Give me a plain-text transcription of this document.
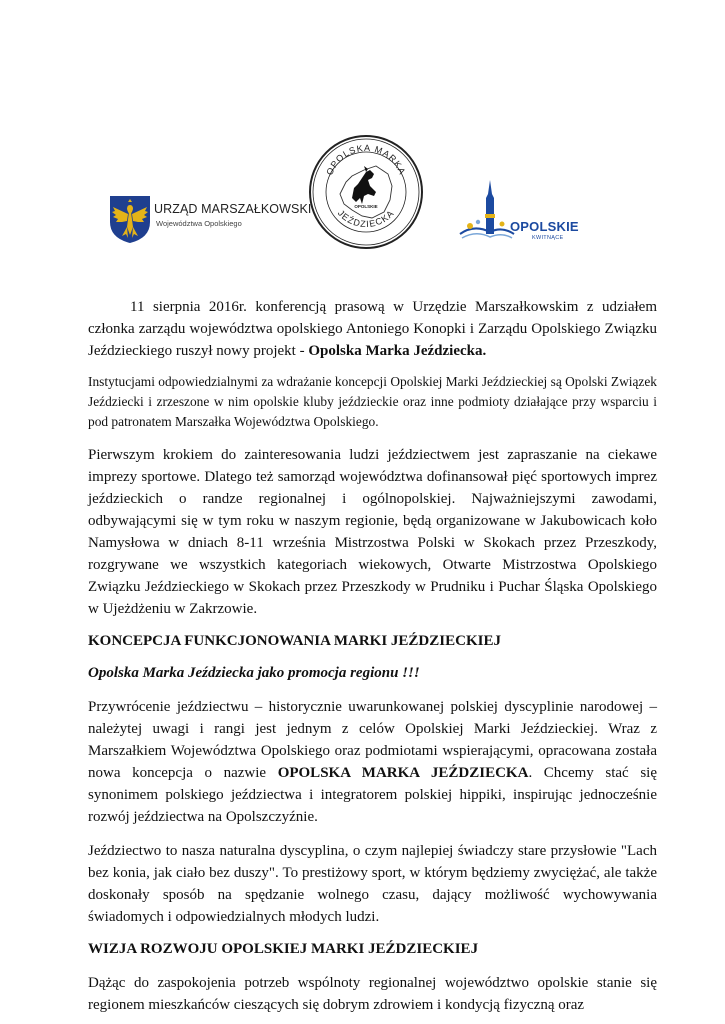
URZĄD MARSZAŁKOWSKI
Województwa Opolskiego
OPOLSKIE
OPOLSKA MARKA
JEŹDZIECKA
OPOLSKIE
KWITNĄCE

11 sierpnia 2016r. konferencją prasową w Urzędzie Marszałkowskim z udziałem członka zarządu województwa opolskiego Antoniego Konopki i Zarządu Opolskiego Związku Jeździeckiego ruszył nowy projekt - Opolska Marka Jeździecka.

Instytucjami odpowiedzialnymi za wdrażanie koncepcji Opolskiej Marki Jeździeckiej są Opolski Związek Jeździecki i zrzeszone w nim opolskie kluby jeździeckie oraz inne podmioty działające przy wsparciu i pod patronatem Marszałka Województwa Opolskiego.

Pierwszym krokiem do zainteresowania ludzi jeździectwem jest zapraszanie na ciekawe imprezy sportowe. Dlatego też samorząd województwa dofinansował pięć sportowych imprez jeździeckich o randze regionalnej i ogólnopolskiej. Najważniejszymi zawodami, odbywającymi się w tym roku w naszym regionie, będą organizowane w Jakubowicach koło Namysłowa w dniach 8-11 września Mistrzostwa Polski w Skokach przez Przeszkody, rozgrywane we wszystkich kategoriach wiekowych, Otwarte Mistrzostwa Opolskiego Związku Jeździeckiego w Skokach przez Przeszkody w Prudniku i Puchar Śląska Opolskiego w Ujeżdżeniu w Zakrzowie.

KONCEPCJA FUNKCJONOWANIA MARKI JEŹDZIECKIEJ
Opolska Marka Jeździecka jako promocja regionu !!!

Przywrócenie jeździectwu – historycznie uwarunkowanej polskiej dyscyplinie narodowej – należytej uwagi i rangi jest jednym z celów Opolskiej Marki Jeździeckiej. Wraz z Marszałkiem Województwa Opolskiego oraz podmiotami wspierającymi, opracowana została nowa koncepcja o nazwie OPOLSKA MARKA JEŹDZIECKA. Chcemy stać się synonimem polskiego jeździectwa i integratorem polskiej hippiki, inspirując jednocześnie rozwój jeździectwa na Opolszczyźnie.

Jeździectwo to nasza naturalna dyscyplina, o czym najlepiej świadczy stare przysłowie "Lach bez konia, jak ciało bez duszy". To prestiżowy sport, w którym będziemy zwyciężać, ale także doskonały sposób na spędzanie wolnego czasu, dający możliwość wychowywania świadomych i odpowiedzialnych młodych ludzi.

WIZJA ROZWOJU OPOLSKIEJ MARKI JEŹDZIECKIEJ

Dążąc do zaspokojenia potrzeb wspólnoty regionalnej województwo opolskie stanie się regionem mieszkańców cieszących się dobrym zdrowiem i kondycją fizyczną oraz
